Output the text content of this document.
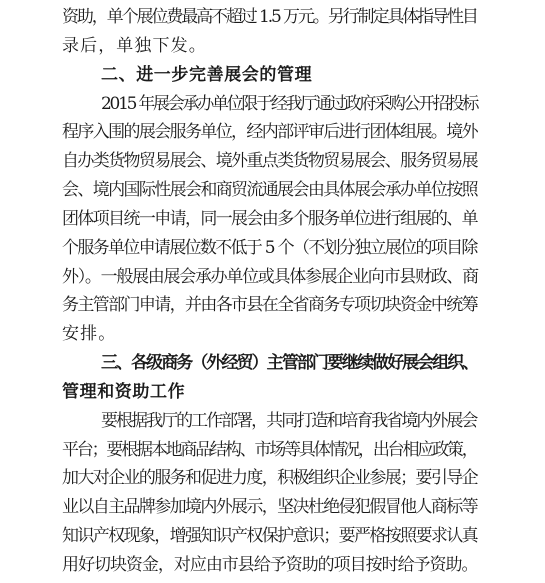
资助，单个展位费最高不超过 1.5 万元。另行制定具体指导性目
录后，单独下发。
二、进一步完善展会的管理
2015 年展会承办单位限于经我厅通过政府采购公开招投标
程序入围的展会服务单位，经内部评审后进行团体组展。境外
自办类货物贸易展会、境外重点类货物贸易展会、服务贸易展
会、境内国际性展会和商贸流通展会由具体展会承办单位按照
团体项目统一申请，同一展会由多个服务单位进行组展的、单
个服务单位申请展位数不低于 5 个（不划分独立展位的项目除
外）。一般展由展会承办单位或具体参展企业向市县财政、商
务主管部门申请，并由各市县在全省商务专项切块资金中统筹
安排。
三、各级商务（外经贸）主管部门要继续做好展会组织、
管理和资助工作
要根据我厅的工作部署，共同打造和培育我省境内外展会
平台；要根据本地商品结构、市场等具体情况，出台相应政策，
加大对企业的服务和促进力度，积极组织企业参展；要引导企
业以自主品牌参加境内外展示，坚决杜绝侵犯假冒他人商标等
知识产权现象，增强知识产权保护意识；要严格按照要求认真
用好切块资金，对应由市县给予资助的项目按时给予资助。
